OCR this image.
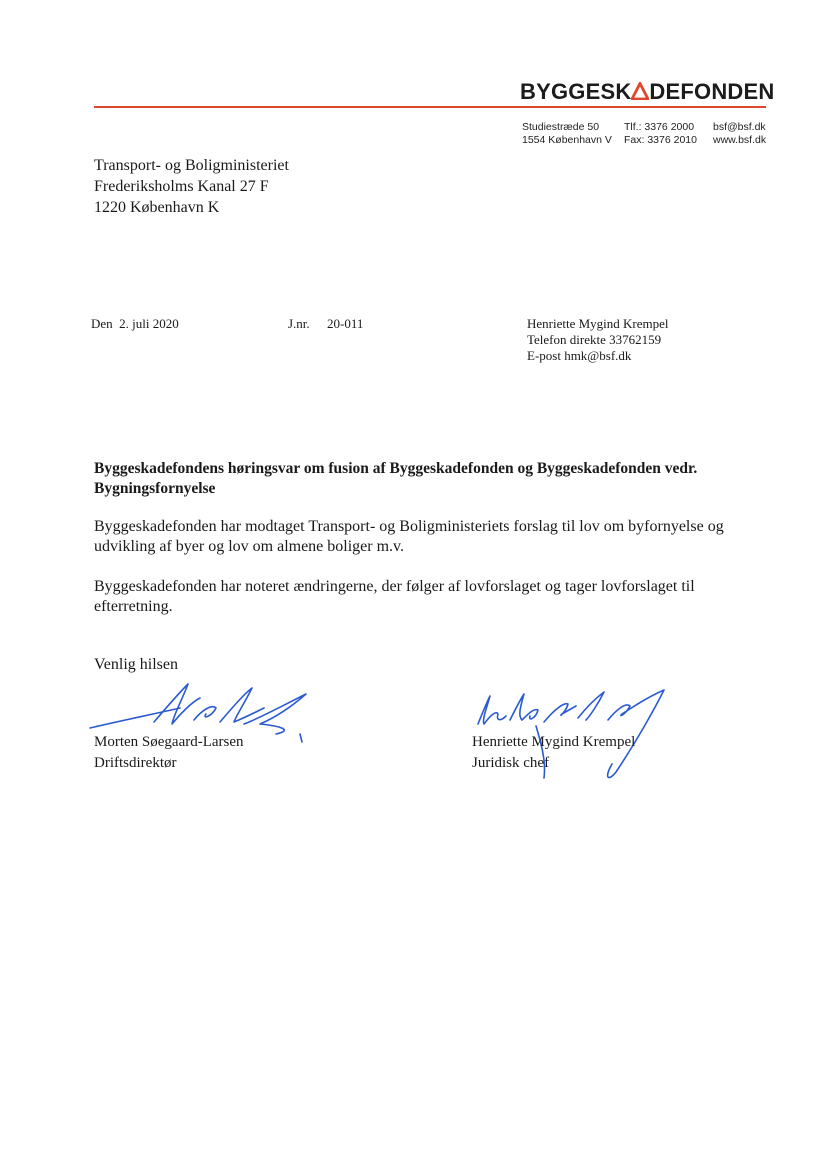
BYGGESK DEFONDEN
Studiestræde 50
1554 København V
Tlf.: 3376 2000
Fax: 3376 2010
bsf@bsf.dk
www.bsf.dk
Transport- og Boligministeriet
Frederiksholms Kanal 27 F
1220 København K
Den  2. juli 2020	J.nr. 20-011	Henriette Mygind Krempel
Telefon direkte 33762159
E-post hmk@bsf.dk
Byggeskadefondens høringsvar om fusion af Byggeskadefonden og Byggeskadefonden vedr. Bygningsfornyelse
Byggeskadefonden har modtaget Transport- og Boligministeriets forslag til lov om byfornyelse og udvikling af byer og lov om almene boliger m.v.
Byggeskadefonden har noteret ændringerne, der følger af lovforslaget og tager lovforslaget til efterretning.
Venlig hilsen
Morten Søegaard-Larsen
Driftsdirektør
Henriette Mygind Krempel
Juridisk chef
